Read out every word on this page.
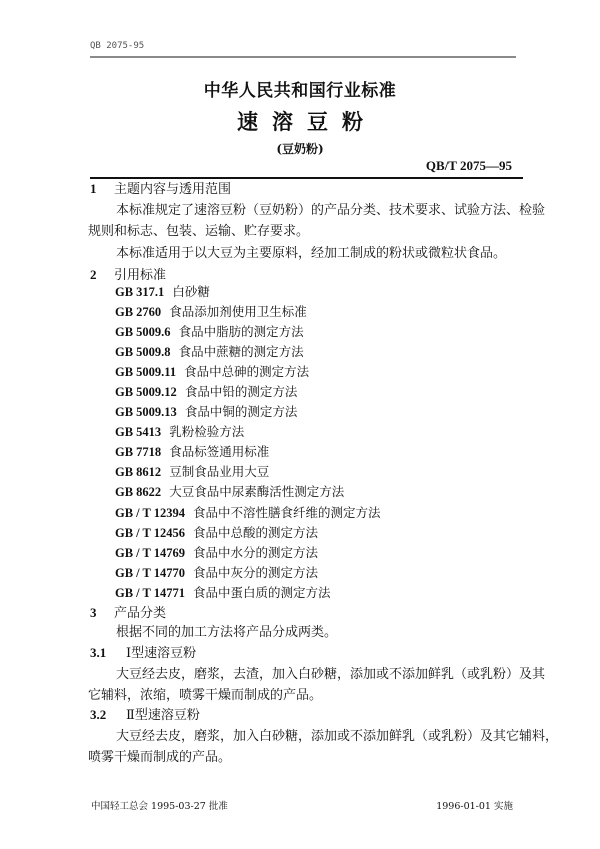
QB 2075-95
中华人民共和国行业标准
速溶豆粉
(豆奶粉)
QB/T 2075—95
1 主题内容与透用范围
本标准规定了速溶豆粉（豆奶粉）的产品分类、技术要求、试验方法、检验
规则和标志、包装、运输、贮存要求。
本标准适用于以大豆为主要原料，经加工制成的粉状或微粒状食品。
2 引用标准
GB 317.1 白砂糖
GB 2760 食品添加剂使用卫生标准
GB 5009.6 食品中脂肪的测定方法
GB 5009.8 食品中蔗糖的测定方法
GB 5009.11 食品中总砷的测定方法
GB 5009.12 食品中铅的测定方法
GB 5009.13 食品中铜的测定方法
GB 5413 乳粉检验方法
GB 7718 食品标签通用标准
GB 8612 豆制食品业用大豆
GB 8622 大豆食品中尿素酶活性测定方法
GB / T 12394 食品中不溶性膳食纤维的测定方法
GB / T 12456 食品中总酸的测定方法
GB / T 14769 食品中水分的测定方法
GB / T 14770 食品中灰分的测定方法
GB / T 14771 食品中蛋白质的测定方法
3 产品分类
根据不同的加工方法将产品分成两类。
3.1 Ⅰ型速溶豆粉
大豆经去皮，磨浆，去渣，加入白砂糖，添加或不添加鲜乳（或乳粉）及其
它辅料，浓缩，喷雾干燥而制成的产品。
3.2 Ⅱ型速溶豆粉
大豆经去皮，磨浆，加入白砂糖，添加或不添加鲜乳（或乳粉）及其它辅料，
喷雾干燥而制成的产品。
中国轻工总会 1995-03-27 批准	1996-01-01 实施
